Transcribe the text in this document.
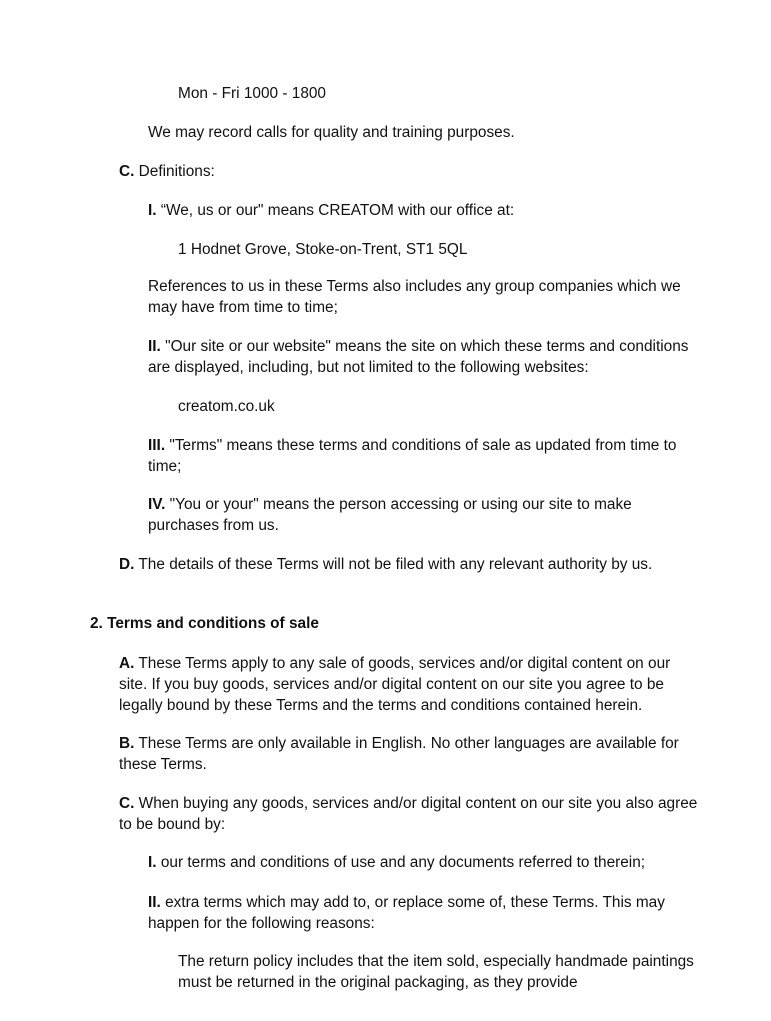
Mon - Fri 1000 - 1800

We may record calls for quality and training purposes.

C. Definitions:

I. “We, us or our" means CREATOM with our office at:

1 Hodnet Grove, Stoke-on-Trent, ST1 5QL

References to us in these Terms also includes any group companies which we may have from time to time;

II. "Our site or our website" means the site on which these terms and conditions are displayed, including, but not limited to the following websites:

creatom.co.uk

III. "Terms" means these terms and conditions of sale as updated from time to time;

IV. "You or your" means the person accessing or using our site to make purchases from us.

D. The details of these Terms will not be filed with any relevant authority by us.

2. Terms and conditions of sale

A. These Terms apply to any sale of goods, services and/or digital content on our site. If you buy goods, services and/or digital content on our site you agree to be legally bound by these Terms and the terms and conditions contained herein.

B. These Terms are only available in English. No other languages are available for these Terms.

C. When buying any goods, services and/or digital content on our site you also agree to be bound by:

I. our terms and conditions of use and any documents referred to therein;

II. extra terms which may add to, or replace some of, these Terms. This may happen for the following reasons:

The return policy includes that the item sold, especially handmade paintings must be returned in the original packaging, as they provide
